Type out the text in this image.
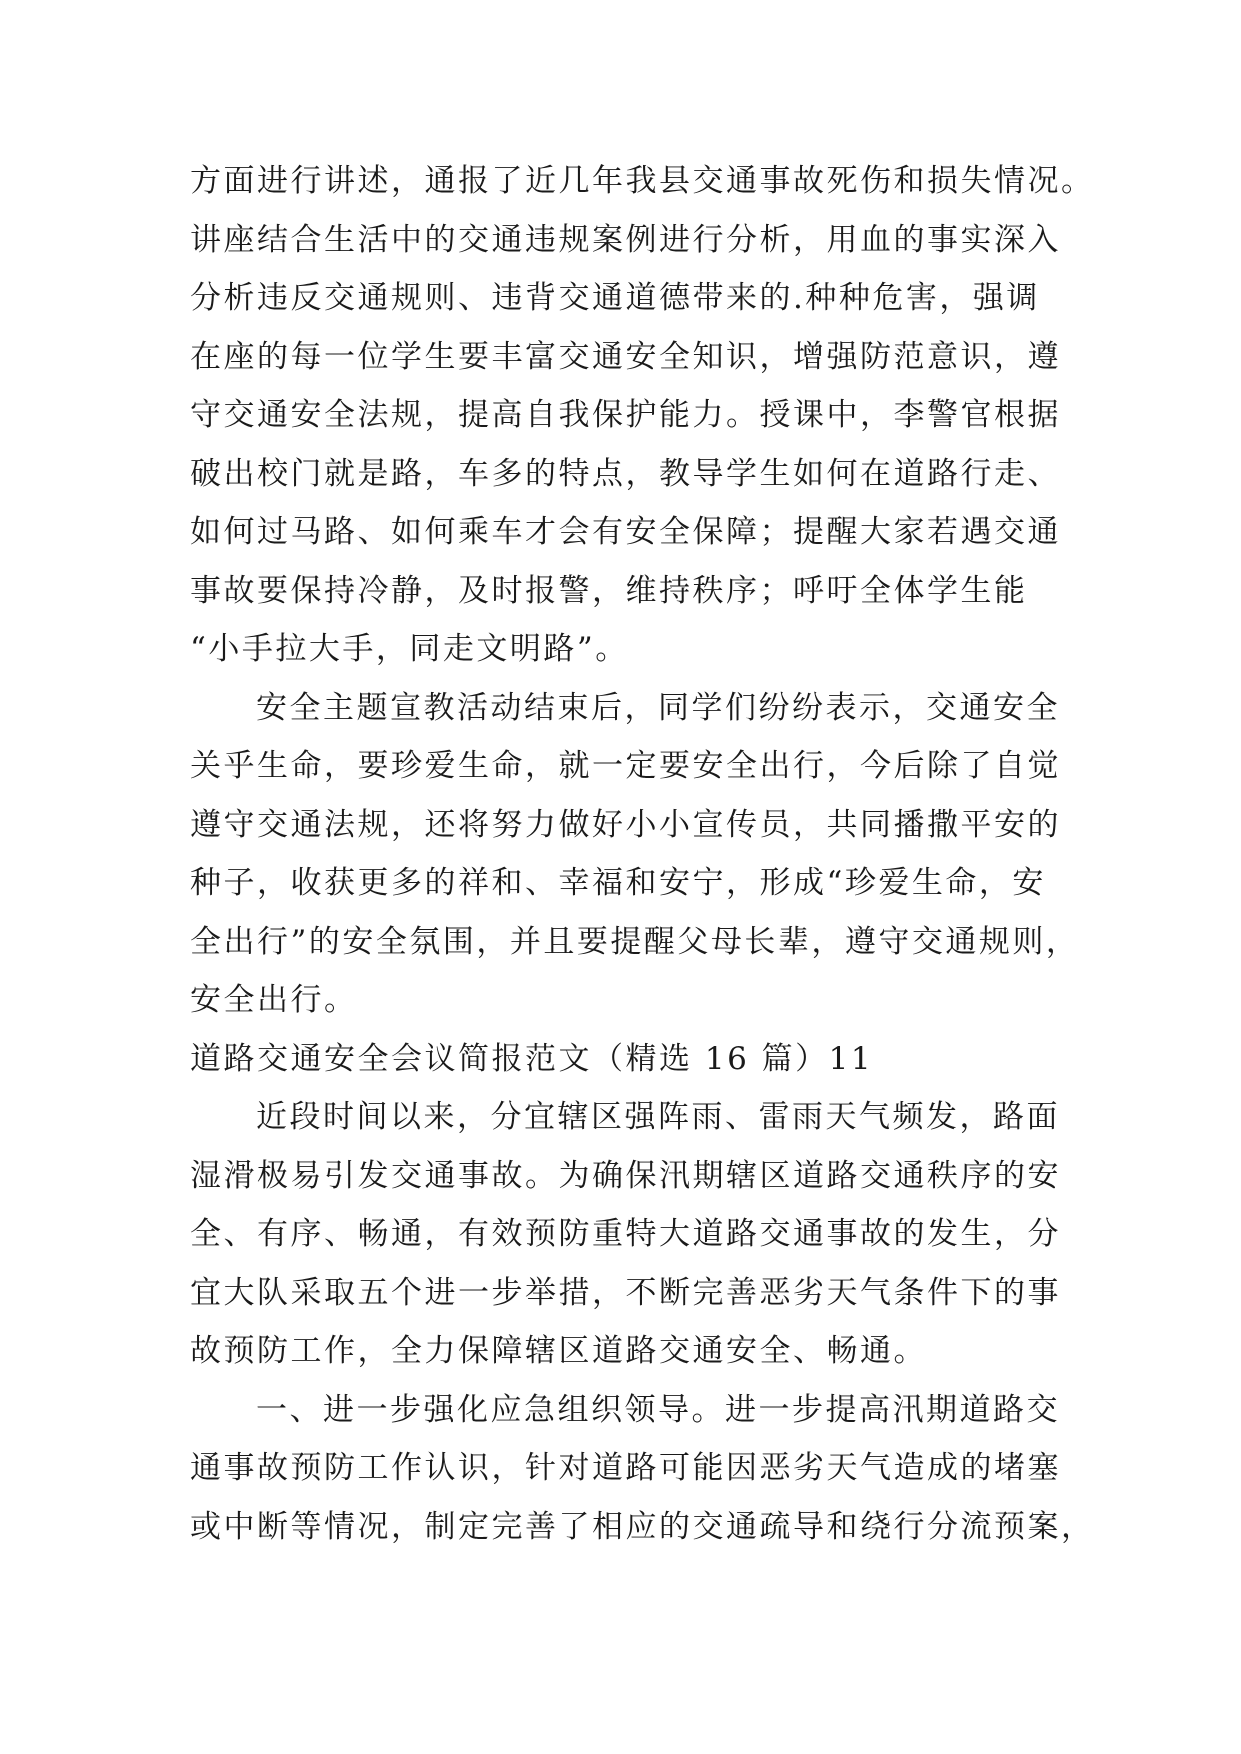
方面进行讲述，通报了近几年我县交通事故死伤和损失情况。
讲座结合生活中的交通违规案例进行分析，用血的事实深入
分析违反交通规则、违背交通道德带来的.种种危害，强调
在座的每一位学生要丰富交通安全知识，增强防范意识，遵
守交通安全法规，提高自我保护能力。授课中，李警官根据
破出校门就是路，车多的特点，教导学生如何在道路行走、
如何过马路、如何乘车才会有安全保障；提醒大家若遇交通
事故要保持冷静，及时报警，维持秩序；呼吁全体学生能
“小手拉大手，同走文明路”。
安全主题宣教活动结束后，同学们纷纷表示，交通安全
关乎生命，要珍爱生命，就一定要安全出行，今后除了自觉
遵守交通法规，还将努力做好小小宣传员，共同播撒平安的
种子，收获更多的祥和、幸福和安宁，形成“珍爱生命，安
全出行”的安全氛围，并且要提醒父母长辈，遵守交通规则，
安全出行。
道路交通安全会议简报范文（精选 16 篇）11
近段时间以来，分宜辖区强阵雨、雷雨天气频发，路面
湿滑极易引发交通事故。为确保汛期辖区道路交通秩序的安
全、有序、畅通，有效预防重特大道路交通事故的发生，分
宜大队采取五个进一步举措，不断完善恶劣天气条件下的事
故预防工作，全力保障辖区道路交通安全、畅通。
一、进一步强化应急组织领导。进一步提高汛期道路交
通事故预防工作认识，针对道路可能因恶劣天气造成的堵塞
或中断等情况，制定完善了相应的交通疏导和绕行分流预案，
